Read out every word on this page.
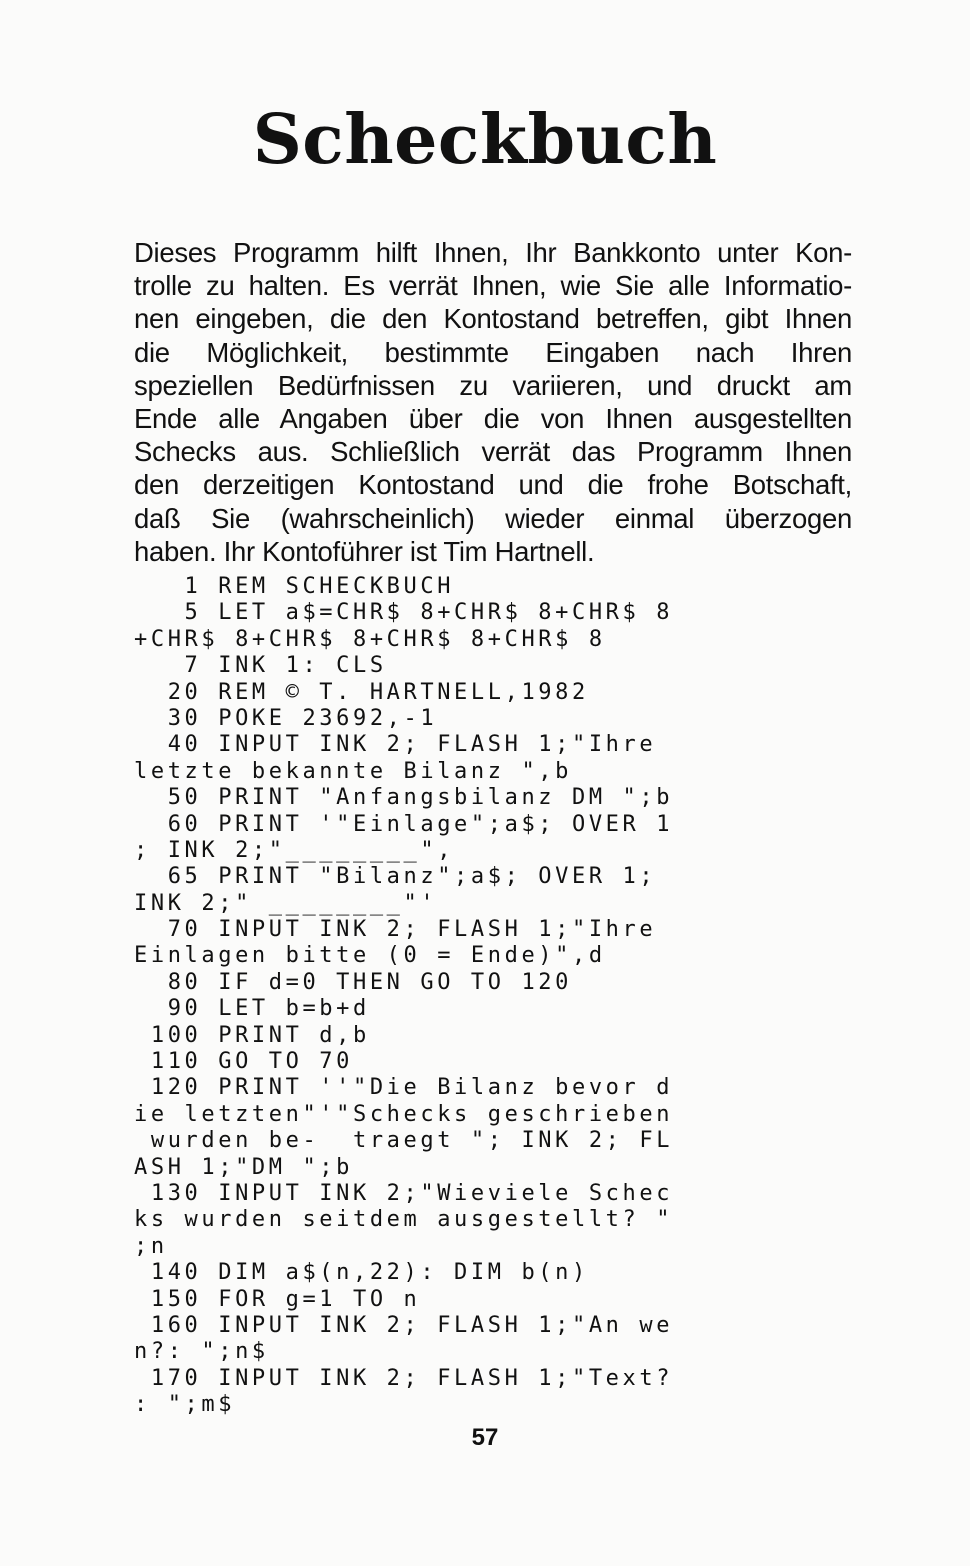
Scheckbuch
Dieses Programm hilft Ihnen, Ihr Bankkonto unter Kon-
trolle zu halten. Es verrät Ihnen, wie Sie alle Informatio-
nen eingeben, die den Kontostand betreffen, gibt Ihnen
die Möglichkeit, bestimmte Eingaben nach Ihren
speziellen Bedürfnissen zu variieren, und druckt am
Ende alle Angaben über die von Ihnen ausgestellten
Schecks aus. Schließlich verrät das Programm Ihnen
den derzeitigen Kontostand und die frohe Botschaft,
daß Sie (wahrscheinlich) wieder einmal überzogen
haben. Ihr Kontoführer ist Tim Hartnell.
1 REM SCHECKBUCH
5 LET a$=CHR$ 8+CHR$ 8+CHR$ 8
+CHR$ 8+CHR$ 8+CHR$ 8+CHR$ 8
7 INK 1: CLS
20 REM © T. HARTNELL,1982
30 POKE 23692,-1
40 INPUT INK 2; FLASH 1;"Ihre
letzte bekannte Bilanz ",b
50 PRINT "Anfangsbilanz DM ";b
60 PRINT '"Einlage";a$; OVER 1
; INK 2;"________",
65 PRINT "Bilanz";a$; OVER 1;
INK 2;" ________"'
70 INPUT INK 2; FLASH 1;"Ihre
Einlagen bitte (0 = Ende)",d
80 IF d=0 THEN GO TO 120
90 LET b=b+d
100 PRINT d,b
110 GO TO 70
120 PRINT ''"Die Bilanz bevor d
ie letzten"'"Schecks geschrieben
wurden be-  traegt "; INK 2; FL
ASH 1;"DM ";b
130 INPUT INK 2;"Wieviele Schec
ks wurden seitdem ausgestellt? "
;n
140 DIM a$(n,22): DIM b(n)
150 FOR g=1 TO n
160 INPUT INK 2; FLASH 1;"An we
n?: ";n$
170 INPUT INK 2; FLASH 1;"Text?
: ";m$
57
